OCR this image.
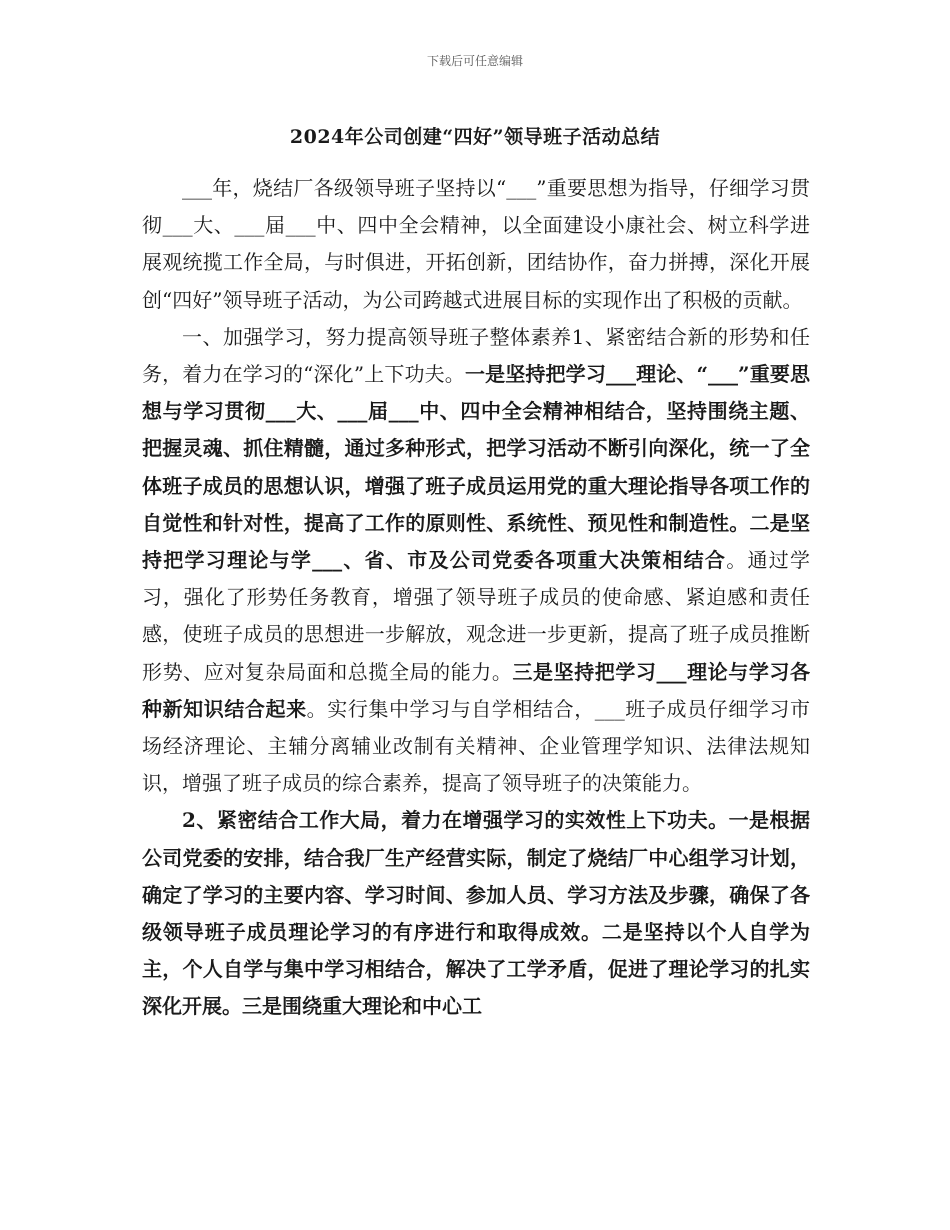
下载后可任意编辑
2024年公司创建“四好”领导班子活动总结

___年，烧结厂各级领导班子坚持以“___”重要思想为指导，仔细学习贯彻___大、___届___中、四中全会精神，以全面建设小康社会、树立科学进展观统揽工作全局，与时俱进，开拓创新，团结协作，奋力拼搏，深化开展创“四好”领导班子活动，为公司跨越式进展目标的实现作出了积极的贡献。

一、加强学习，努力提高领导班子整体素养1、紧密结合新的形势和任务，着力在学习的“深化”上下功夫。一是坚持把学习___理论、“___”重要思想与学习贯彻___大、___届___中、四中全会精神相结合，坚持围绕主题、把握灵魂、抓住精髓，通过多种形式，把学习活动不断引向深化，统一了全体班子成员的思想认识，增强了班子成员运用党的重大理论指导各项工作的自觉性和针对性，提高了工作的原则性、系统性、预见性和制造性。二是坚持把学习理论与学___、省、市及公司党委各项重大决策相结合。通过学习，强化了形势任务教育，增强了领导班子成员的使命感、紧迫感和责任感，使班子成员的思想进一步解放，观念进一步更新，提高了班子成员推断形势、应对复杂局面和总揽全局的能力。三是坚持把学习___理论与学习各种新知识结合起来。实行集中学习与自学相结合，___班子成员仔细学习市场经济理论、主辅分离辅业改制有关精神、企业管理学知识、法律法规知识，增强了班子成员的综合素养，提高了领导班子的决策能力。

2、紧密结合工作大局，着力在增强学习的实效性上下功夫。一是根据公司党委的安排，结合我厂生产经营实际，制定了烧结厂中心组学习计划，确定了学习的主要内容、学习时间、参加人员、学习方法及步骤，确保了各级领导班子成员理论学习的有序进行和取得成效。二是坚持以个人自学为主，个人自学与集中学习相结合，解决了工学矛盾，促进了理论学习的扎实深化开展。三是围绕重大理论和中心工
